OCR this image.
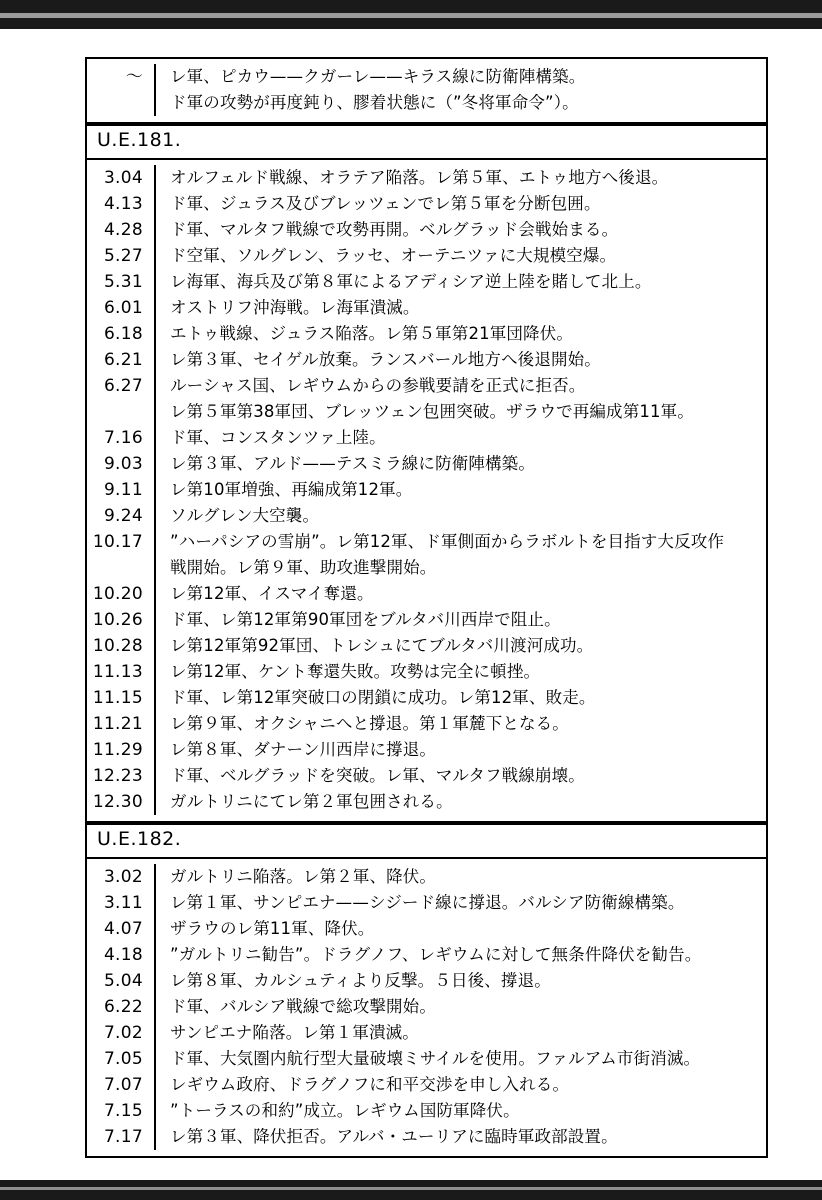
～	レ軍、ピカウ——クガーレ——キラス線に防衛陣構築。
ド軍の攻勢が再度鈍り、膠着状態に（”冬将軍命令”）。
U.E.181.
3.04	オルフェルド戦線、オラテア陥落。レ第５軍、エトゥ地方へ後退。
4.13	ド軍、ジュラス及びブレッツェンでレ第５軍を分断包囲。
4.28	ド軍、マルタフ戦線で攻勢再開。ベルグラッド会戦始まる。
5.27	ド空軍、ソルグレン、ラッセ、オーテニツァに大規模空爆。
5.31	レ海軍、海兵及び第８軍によるアディシア逆上陸を賭して北上。
6.01	オストリフ沖海戦。レ海軍潰滅。
6.18	エトゥ戦線、ジュラス陥落。レ第５軍第21軍団降伏。
6.21	レ第３軍、セイゲル放棄。ランスバール地方へ後退開始。
6.27	ルーシャス国、レギウムからの参戦要請を正式に拒否。
レ第５軍第38軍団、ブレッツェン包囲突破。ザラウで再編成第11軍。
7.16	ド軍、コンスタンツァ上陸。
9.03	レ第３軍、アルド——テスミラ線に防衛陣構築。
9.11	レ第10軍増強、再編成第12軍。
9.24	ソルグレン大空襲。
10.17	”ハーパシアの雪崩”。レ第12軍、ド軍側面からラボルトを目指す大反攻作
戦開始。レ第９軍、助攻進撃開始。
10.20	レ第12軍、イスマイ奪還。
10.26	ド軍、レ第12軍第90軍団をブルタバ川西岸で阻止。
10.28	レ第12軍第92軍団、トレシュにてブルタバ川渡河成功。
11.13	レ第12軍、ケント奪還失敗。攻勢は完全に頓挫。
11.15	ド軍、レ第12軍突破口の閉鎖に成功。レ第12軍、敗走。
11.21	レ第９軍、オクシャニへと撐退。第１軍麓下となる。
11.29	レ第８軍、ダナーン川西岸に撐退。
12.23	ド軍、ベルグラッドを突破。レ軍、マルタフ戦線崩壊。
12.30	ガルトリニにてレ第２軍包囲される。
U.E.182.
3.02	ガルトリニ陥落。レ第２軍、降伏。
3.11	レ第１軍、サンピエナ——シジード線に撐退。バルシア防衛線構築。
4.07	ザラウのレ第11軍、降伏。
4.18	”ガルトリニ勧告”。ドラグノフ、レギウムに対して無条件降伏を勧告。
5.04	レ第８軍、カルシュティより反撃。５日後、撐退。
6.22	ド軍、バルシア戦線で総攻撃開始。
7.02	サンピエナ陥落。レ第１軍潰滅。
7.05	ド軍、大気圏内航行型大量破壊ミサイルを使用。ファルアム市街消滅。
7.07	レギウム政府、ドラグノフに和平交渉を申し入れる。
7.15	”トーラスの和約”成立。レギウム国防軍降伏。
7.17	レ第３軍、降伏拒否。アルバ・ユーリアに臨時軍政部設置。
